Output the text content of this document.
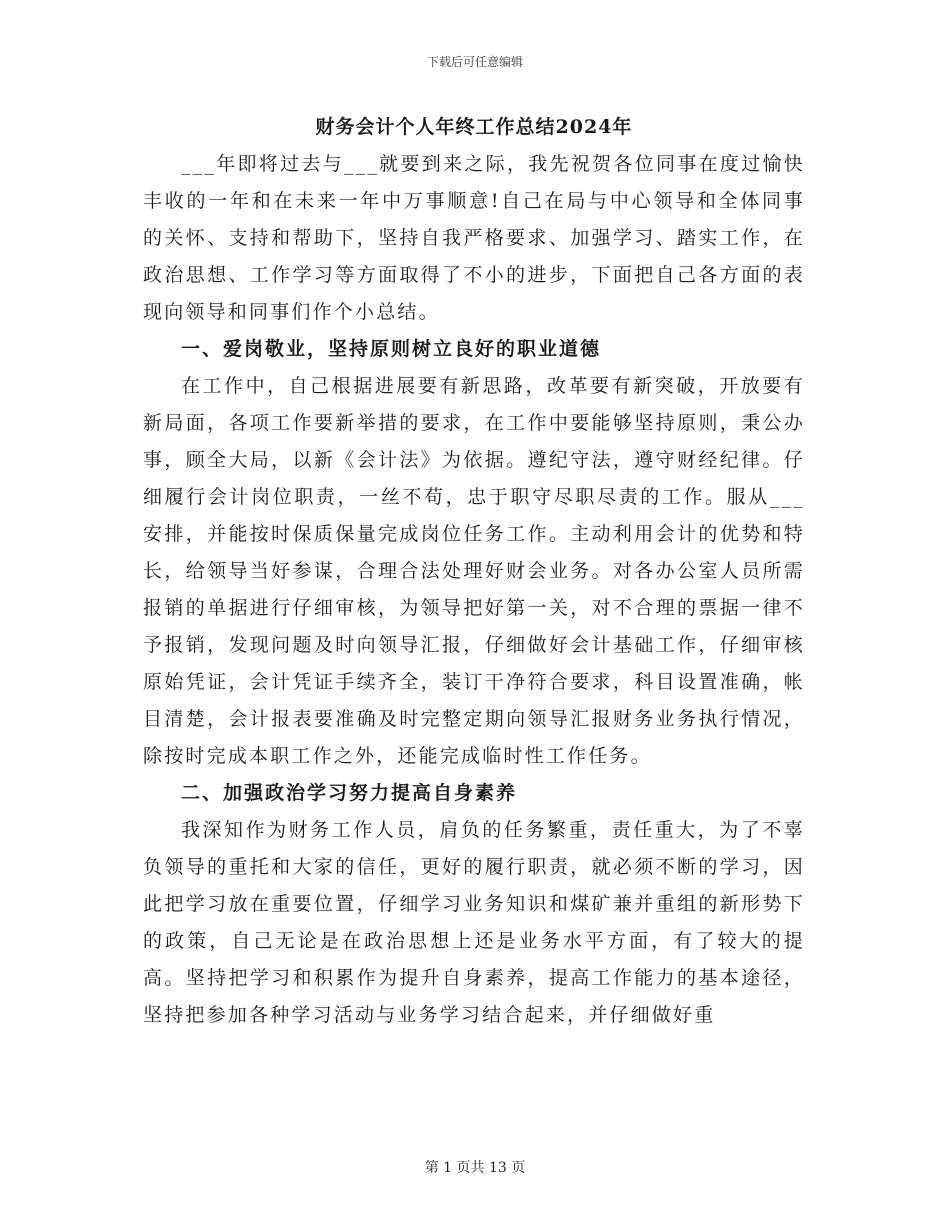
下载后可任意编辑
财务会计个人年终工作总结2024年

___年即将过去与___就要到来之际，我先祝贺各位同事在度过愉快丰收的一年和在未来一年中万事顺意!自己在局与中心领导和全体同事的关怀、支持和帮助下，坚持自我严格要求、加强学习、踏实工作，在政治思想、工作学习等方面取得了不小的进步，下面把自己各方面的表现向领导和同事们作个小总结。

一、爱岗敬业，坚持原则树立良好的职业道德

在工作中，自己根据进展要有新思路，改革要有新突破，开放要有新局面，各项工作要新举措的要求，在工作中要能够坚持原则，秉公办事，顾全大局，以新《会计法》为依据。遵纪守法，遵守财经纪律。仔细履行会计岗位职责，一丝不苟，忠于职守尽职尽责的工作。服从___安排，并能按时保质保量完成岗位任务工作。主动利用会计的优势和特长，给领导当好参谋，合理合法处理好财会业务。对各办公室人员所需报销的单据进行仔细审核，为领导把好第一关，对不合理的票据一律不予报销，发现问题及时向领导汇报，仔细做好会计基础工作，仔细审核原始凭证，会计凭证手续齐全，装订干净符合要求，科目设置准确，帐目清楚，会计报表要准确及时完整定期向领导汇报财务业务执行情况，除按时完成本职工作之外，还能完成临时性工作任务。

二、加强政治学习努力提高自身素养

我深知作为财务工作人员，肩负的任务繁重，责任重大，为了不辜负领导的重托和大家的信任，更好的履行职责，就必须不断的学习，因此把学习放在重要位置，仔细学习业务知识和煤矿兼并重组的新形势下的政策，自己无论是在政治思想上还是业务水平方面，有了较大的提高。坚持把学习和积累作为提升自身素养，提高工作能力的基本途径，坚持把参加各种学习活动与业务学习结合起来，并仔细做好重

第 1 页共 13 页
